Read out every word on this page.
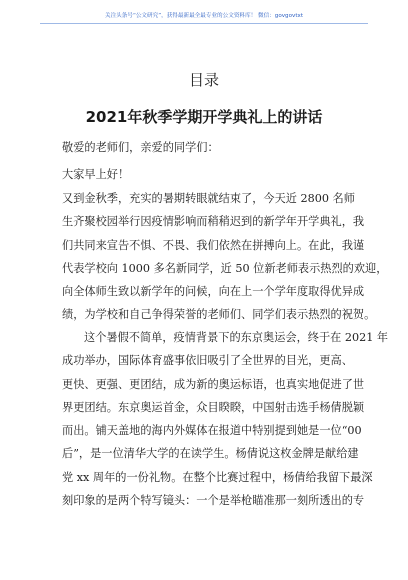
关注头条号“公文研究”，获得最新最全最专业的公文资料库！ 微信：govgovtxt
目录
2021年秋季学期开学典礼上的讲话
敬爱的老师们，亲爱的同学们：
大家早上好！
又到金秋季，充实的暑期转眼就结束了，今天近 2800 名师
生齐聚校园举行因疫情影响而稍稍迟到的新学年开学典礼，我
们共同来宣告不惧、不畏、我们依然在拼搏向上。在此，我谨
代表学校向 1000 多名新同学，近 50 位新老师表示热烈的欢迎，
向全体师生致以新学年的问候，向在上一个学年度取得优异成
绩，为学校和自己争得荣誉的老师们、同学们表示热烈的祝贺。
这个暑假不简单，疫情背景下的东京奥运会，终于在 2021 年
成功举办，国际体育盛事依旧吸引了全世界的目光，更高、
更快、更强、更团结，成为新的奥运标语，也真实地促进了世
界更团结。东京奥运首金，众目睽睽，中国射击选手杨倩脱颖
而出。铺天盖地的海内外媒体在报道中特别提到她是一位“00
后”，是一位清华大学的在读学生。杨倩说这枚金牌是献给建
党 xx 周年的一份礼物。在整个比赛过程中，杨倩给我留下最深
刻印象的是两个特写镜头：一个是举枪瞄准那一刻所透出的专
